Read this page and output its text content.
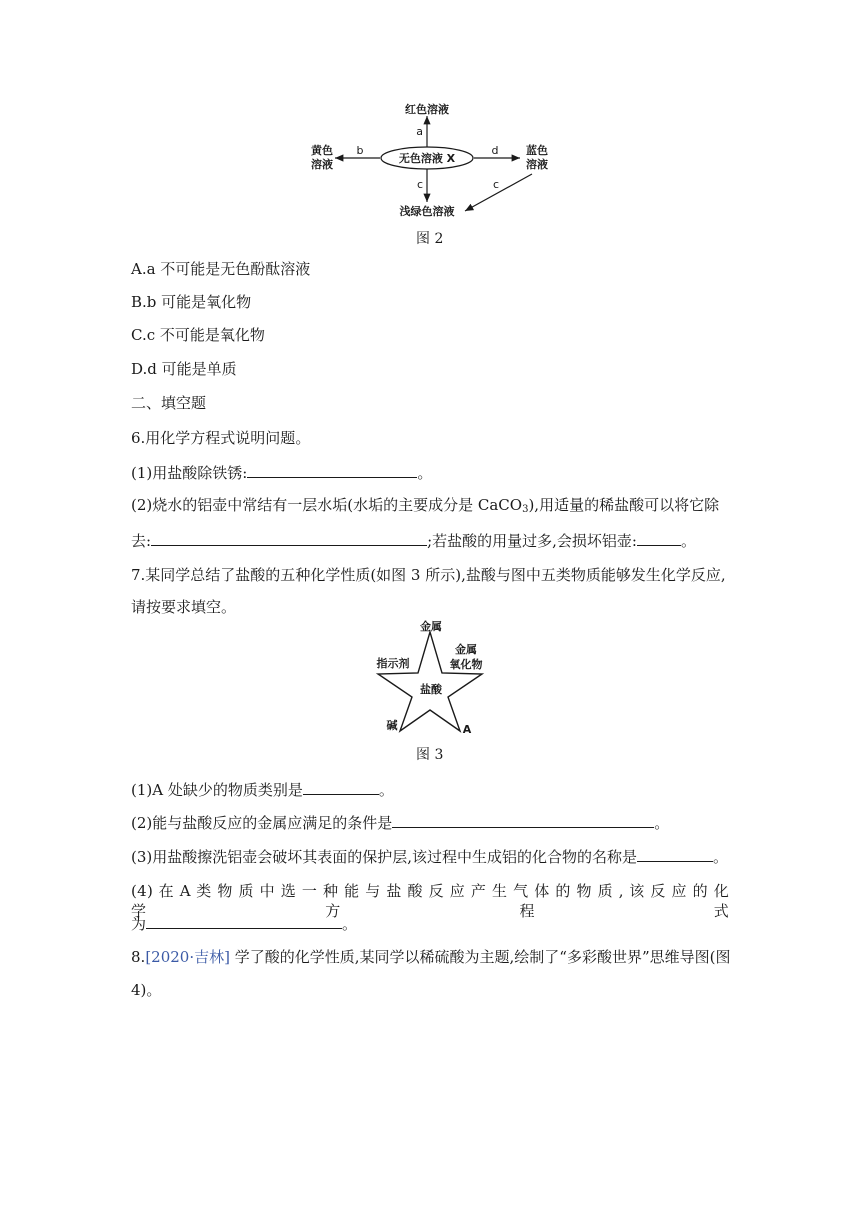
无色溶液 X
红色溶液
a
黄色
溶液
b	蓝色
溶液
d
浅绿色溶液
c	c
图 2
A.a 不可能是无色酚酞溶液
B.b 可能是氧化物
C.c 不可能是氧化物
D.d 可能是单质
二、填空题
6.用化学方程式说明问题。
(1)用盐酸除铁锈:	。
(2)烧水的铝壶中常结有一层水垢(水垢的主要成分是 CaCO$_3$),用适量的稀盐酸可以将它除
去:	;若盐酸的用量过多,会损坏铝壶:	。
7.某同学总结了盐酸的五种化学性质(如图 3 所示),盐酸与图中五类物质能够发生化学反应,
请按要求填空。
盐酸
金属
金属
氧化物
指示剂
碱	A
图 3
(1)A 处缺少的物质类别是	。
(2)能与盐酸反应的金属应满足的条件是	。
(3)用盐酸擦洗铝壶会破坏其表面的保护层,该过程中生成铝的化合物的名称是	。
(4) 在 A 类 物 质 中 选 一 种 能 与 盐 酸 反 应 产 生 气 体 的 物 质 , 该 反 应 的 化 学 方 程 式
为	。
8.[2020·吉林] 学了酸的化学性质,某同学以稀硫酸为主题,绘制了“多彩酸世界”思维导图(图
4)。
